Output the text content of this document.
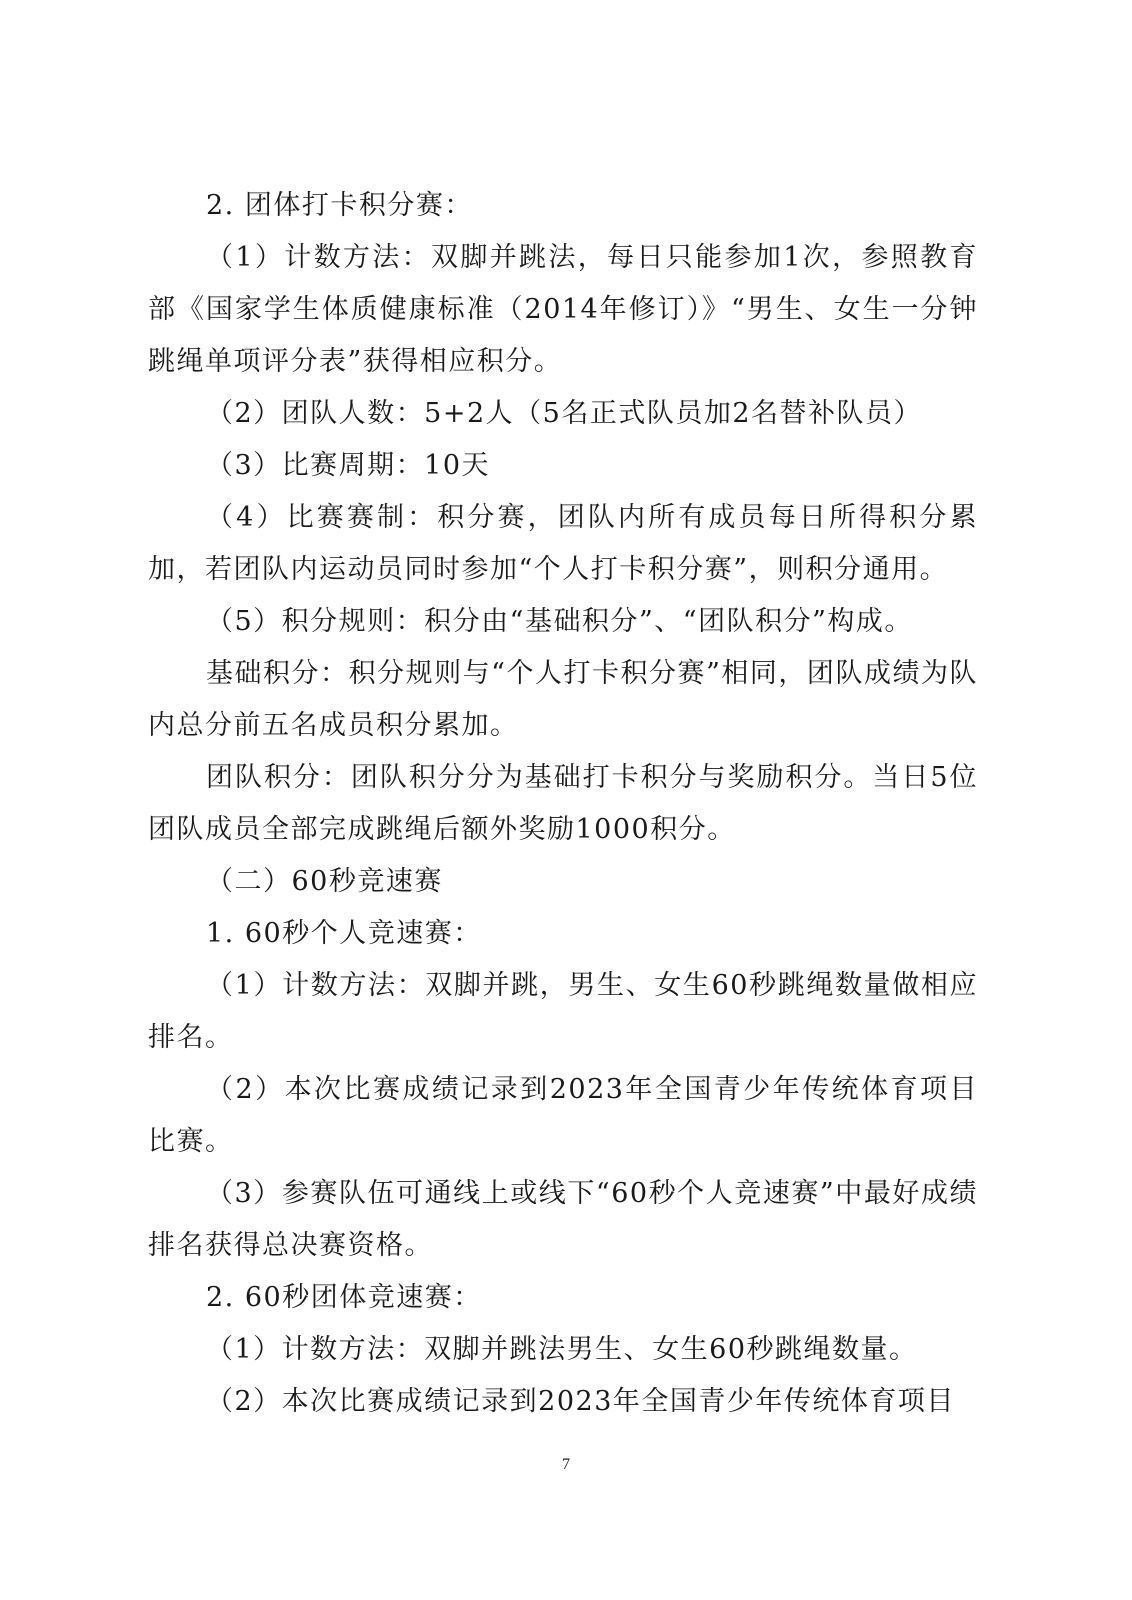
2. 团体打卡积分赛：

（1）计数方法：双脚并跳法，每日只能参加1次，参照教育部《国家学生体质健康标准（2014年修订）》“男生、女生一分钟跳绳单项评分表”获得相应积分。

（2）团队人数：5+2人（5名正式队员加2名替补队员）

（3）比赛周期：10天

（4）比赛赛制：积分赛，团队内所有成员每日所得积分累加，若团队内运动员同时参加“个人打卡积分赛”，则积分通用。

（5）积分规则：积分由“基础积分”、“团队积分”构成。

基础积分：积分规则与“个人打卡积分赛”相同，团队成绩为队内总分前五名成员积分累加。

团队积分：团队积分分为基础打卡积分与奖励积分。当日5位团队成员全部完成跳绳后额外奖励1000积分。

（二）60秒竞速赛

1. 60秒个人竞速赛：

（1）计数方法：双脚并跳，男生、女生60秒跳绳数量做相应排名。

（2）本次比赛成绩记录到2023年全国青少年传统体育项目比赛。

（3）参赛队伍可通线上或线下“60秒个人竞速赛”中最好成绩排名获得总决赛资格。

2. 60秒团体竞速赛：

（1）计数方法：双脚并跳法男生、女生60秒跳绳数量。

（2）本次比赛成绩记录到2023年全国青少年传统体育项目

7
